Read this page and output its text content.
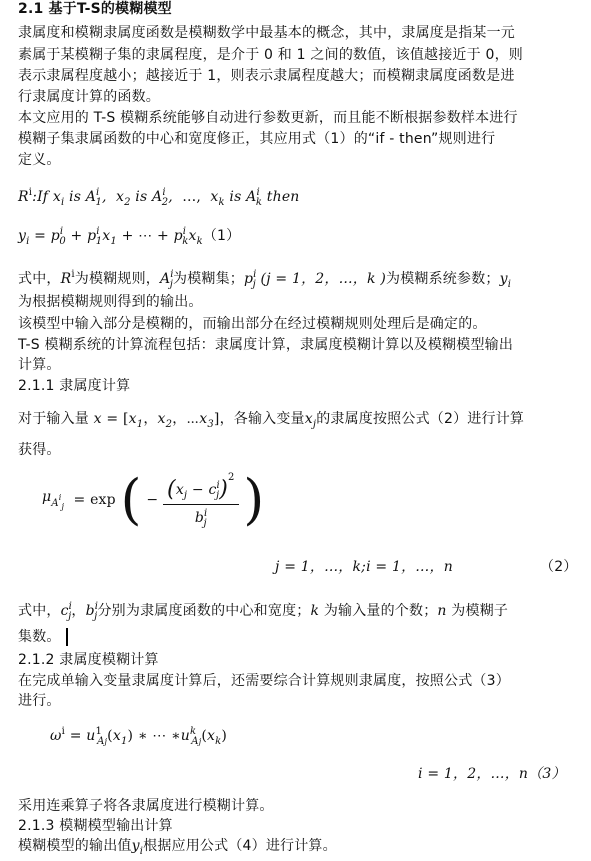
2.1 基于T-S的模糊模型
隶属度和模糊隶属度函数是模糊数学中最基本的概念，其中，隶属度是指某一元
素属于某模糊子集的隶属程度，是介于 0 和 1 之间的数值，该值越接近于 0，则
表示隶属程度越小；越接近于 1，则表示隶属程度越大；而模糊隶属度函数是进
行隶属度计算的函数。
本文应用的 T-S 模糊系统能够自动进行参数更新，而且能不断根据参数样本进行
模糊子集隶属函数的中心和宽度修正，其应用式（1）的“if - then”规则进行
定义。
$R^i:If$ $x_i$ is $A^i_1$,  $x_2$ is $A^i_2$,  …,  $x_k$ is $A^i_k$ then
$y_i = p^i_0 + p^i_1x_1$ + ⋯ + $p^i_kx_k(1)$
式中，$R^i$为模糊规则，$A^i_j$为模糊集；$p^i_j$ (j = 1，2，…，k )为模糊系统参数；$y_i$
为根据模糊规则得到的输出。
该模型中输入部分是模糊的，而输出部分在经过模糊规则处理后是确定的。
T-S 模糊系统的计算流程包括：隶属度计算，隶属度模糊计算以及模糊模型输出
计算。
2.1.1 隶属度计算
对于输入量 $x = [x_1$，$x_2$，$\cdots x_3$]，各输入变量$x_j$的隶属度按照公式（2）进行计算
获得。
$\mu_{A^i_j} = \exp$ ( − $\frac{(x_j - c^i_j)^2}{b^i_j}$ )
j = 1，…，k;i = 1，…，n	（2）
式中，$c^i_j$，$b^i_j$分别为隶属度函数的中心和宽度；k 为输入量的个数；n 为模糊子
集数。
2.1.2 隶属度模糊计算
在完成单输入变量隶属度计算后，还需要综合计算规则隶属度，按照公式（3）
进行。
$\omega^i = u^1_{Aj}(x_1)$ ∗ ⋯ $∗u^k_{Aj}(x_k)$
i = 1，2，…，n（3）
采用连乘算子将各隶属度进行模糊计算。
2.1.3 模糊模型输出计算
模糊模型的输出值$y_i$根据应用公式（4）进行计算。
